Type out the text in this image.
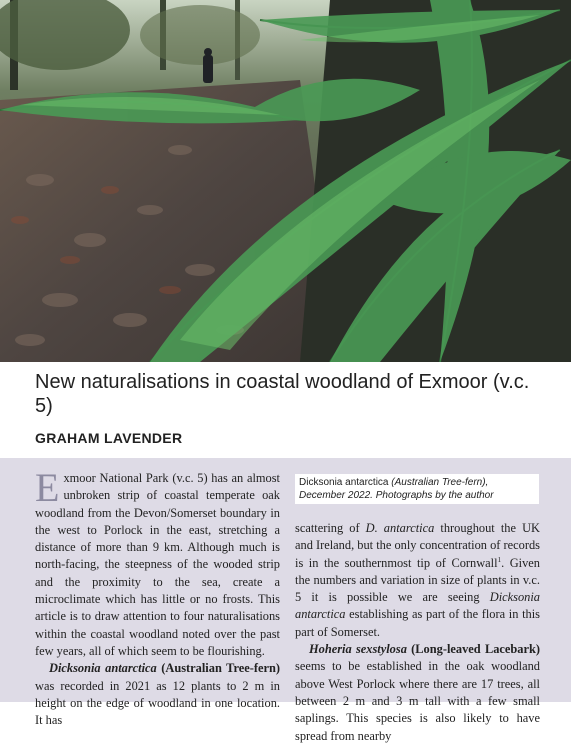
New naturalisations in coastal woodland of Exmoor (v.c. 5)
GRAHAM LAVENDER
Dicksonia antarctica (Australian Tree-fern), December 2022. Photographs by the author

Exmoor National Park (v.c. 5) has an almost unbroken strip of coastal temperate oak woodland from the Devon/Somerset boundary in the west to Porlock in the east, stretching a distance of more than 9 km. Although much is north-facing, the steepness of the wooded strip and the proximity to the sea, create a microclimate which has little or no frosts. This article is to draw attention to four naturalisations within the coastal woodland noted over the past few years, all of which seem to be flourishing.

Dicksonia antarctica (Australian Tree-fern) was recorded in 2021 as 12 plants to 2 m in height on the edge of woodland in one location. It has

scattering of D. antarctica throughout the UK and Ireland, but the only concentration of records is in the southernmost tip of Cornwall$^1$. Given the numbers and variation in size of plants in v.c. 5 it is possible we are seeing Dicksonia antarctica establishing as part of the flora in this part of Somerset.

Hoheria sexstylosa (Long-leaved Lacebark) seems to be established in the oak woodland above West Porlock where there are 17 trees, all between 2 m and 3 m tall with a few small saplings. This species is also likely to have spread from nearby
